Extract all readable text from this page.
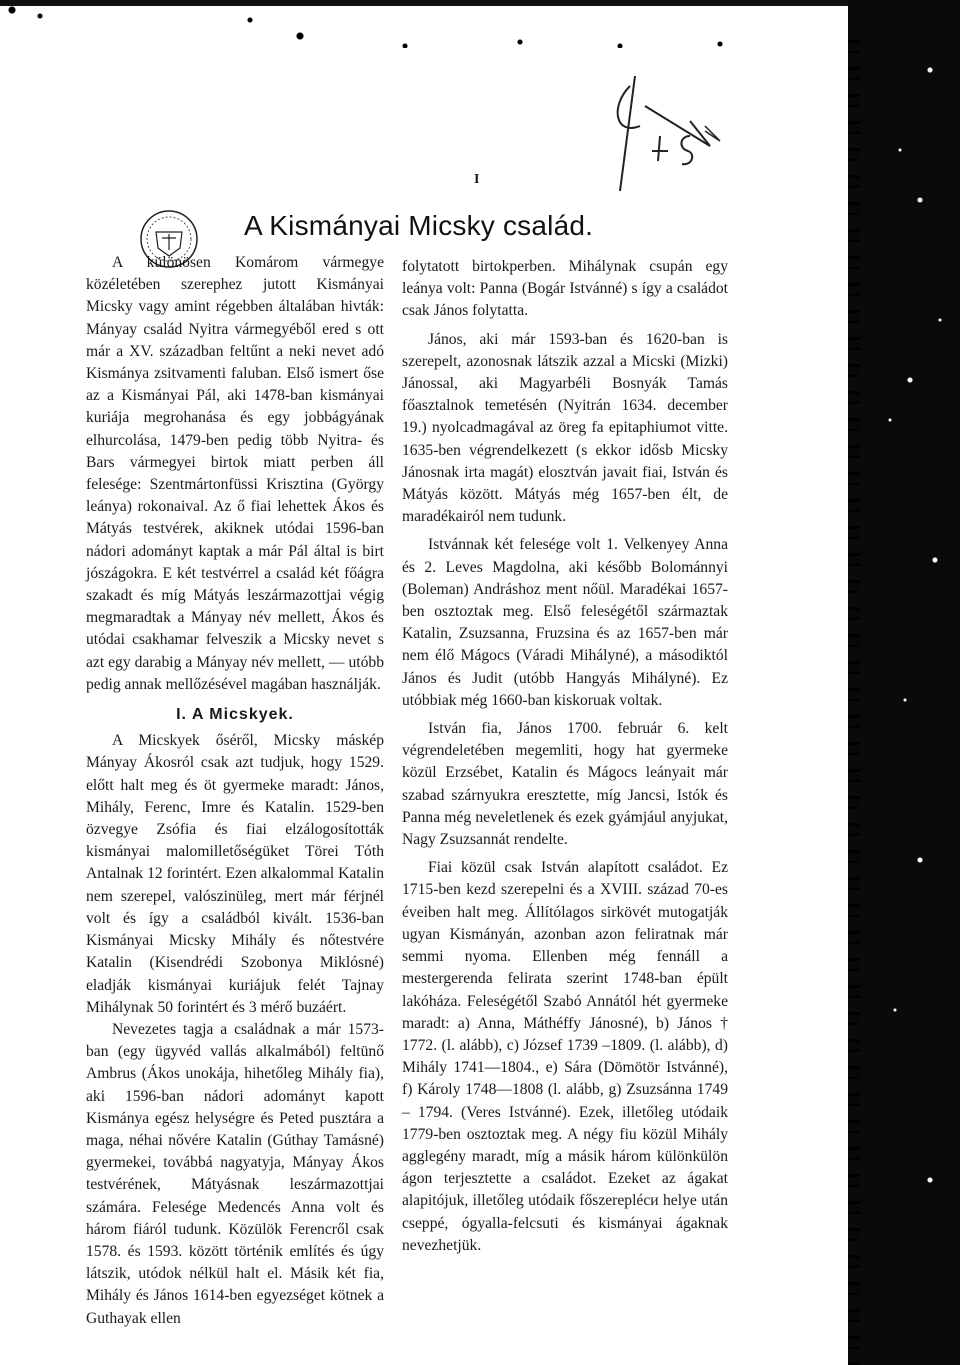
I
A Kismányai Micsky család.

A különösen Komárom vármegye közéletében szerephez jutott Kismányai Micsky vagy amint régebben általában hivták: Mányay család Nyitra vármegyéből ered s ott már a XV. században feltűnt a neki nevet adó Kismánya zsitvamenti faluban. Első ismert őse az a Kismányai Pál, aki 1478-ban kismányai kuriája megrohanása és egy jobbágyának elhurcolása, 1479-ben pedig több Nyitra- és Bars vármegyei birtok miatt perben áll felesége: Szentmártonfüssi Krisztina (György leánya) rokonaival. Az ő fiai lehettek Ákos és Mátyás testvérek, akiknek utódai 1596-ban nádori adományt kaptak a már Pál által is birt jószágokra. E két testvérrel a család két főágra szakadt és míg Mátyás leszármazottjai végig megmaradtak a Mányay név mellett, Ákos és utódai csakhamar felveszik a Micsky nevet s azt egy darabig a Mányay név mellett, — utóbb pedig annak mellőzésével magában használják.

I. A Micskyek.

A Micskyek őséről, Micsky máskép Mányay Ákosról csak azt tudjuk, hogy 1529. előtt halt meg és öt gyermeke maradt: János, Mihály, Ferenc, Imre és Katalin. 1529-ben özvegye Zsófia és fiai elzálogosították kismányai malomilletőségüket Törei Tóth Antalnak 12 forintért. Ezen alkalommal Katalin nem szerepel, valószinüleg, mert már férjnél volt és így a családból kivált. 1536-ban Kismányai Micsky Mihály és nőtestvére Katalin (Kisendrédi Szobonya Miklósné) eladják kismányai kuriájuk felét Tajnay Mihálynak 50 forintért és 3 mérő buzáért.

Nevezetes tagja a családnak a már 1573-ban (egy ügyvéd vallás alkalmából) feltünő Ambrus (Ákos unokája, hihetőleg Mihály fia), aki 1596-ban nádori adományt kapott Kismánya egész helységre és Peted pusztára a maga, néhai nővére Katalin (Gúthay Tamásné) gyermekei, továbbá nagyatyja, Mányay Ákos testvérének, Mátyásnak leszármazottjai számára. Felesége Medencés Anna volt és három fiáról tudunk. Közülök Ferencről csak 1578. és 1593. között történik említés és úgy látszik, utódok nélkül halt el. Másik két fia, Mihály és János 1614-ben egyezséget kötnek a Guthayak ellen

folytatott birtokperben. Mihálynak csupán egy leánya volt: Panna (Bogár Istvánné) s így a családot csak János folytatta.

János, aki már 1593-ban és 1620-ban is szerepelt, azonosnak látszik azzal a Micski (Mizki) Jánossal, aki Magyarbéli Bosnyák Tamás főasztalnok temetésén (Nyitrán 1634. december 19.) nyolcadmagával az öreg fa epitaphiumot vitte. 1635-ben végrendelkezett (s ekkor idősb Micsky Jánosnak irta magát) elosztván javait fiai, István és Mátyás között. Mátyás még 1657-ben élt, de maradékairól nem tudunk.

Istvánnak két felesége volt 1. Velkenyey Anna és 2. Leves Magdolna, aki később Bolománnyi (Boleman) Andráshoz ment nőül. Maradékai 1657-ben osztoztak meg. Első feleségétől származtak Katalin, Zsuzsanna, Fruzsina és az 1657-ben már nem élő Mágocs (Váradi Mihályné), a másodiktól János és Judit (utóbb Hangyás Mihályné). Ez utóbbiak még 1660-ban kiskoruak voltak.

István fia, János 1700. február 6. kelt végrendeletében megemliti, hogy hat gyermeke közül Erzsébet, Katalin és Mágocs leányait már szabad szárnyukra eresztette, míg Jancsi, Istók és Panna még neveletlenek és ezek gyámjául anyjukat, Nagy Zsuzsannát rendelte.

Fiai közül csak István alapított családot. Ez 1715-ben kezd szerepelni és a XVIII. század 70-es éveiben halt meg. Állítólagos sirkövét mutogatják ugyan Kismányán, azonban azon feliratnak már semmi nyoma. Ellenben még fennáll a mestergerenda felirata szerint 1748-ban épült lakóháza. Feleségétől Szabó Annától hét gyermeke maradt: a) Anna, Máthéffy Jánosné), b) János † 1772. (l. alább), c) József 1739 –1809. (l. alább), d) Mihály 1741—1804., e) Sára (Dömötör Istvánné), f) Károly 1748—1808 (l. alább, g) Zsuzsánna 1749 – 1794. (Veres Istvánné). Ezek, illetőleg utódaik 1779-ben osztoztak meg. A négy fiu közül Mihály agglegény maradt, míg a másik három különkülön ágon terjesztette a családot. Ezeket az ágakat alapitójuk, illetőleg utódaik főszerepléси helye után cseppé, ógyalla-felcsuti és kismányai ágaknak nevezhetjük.
